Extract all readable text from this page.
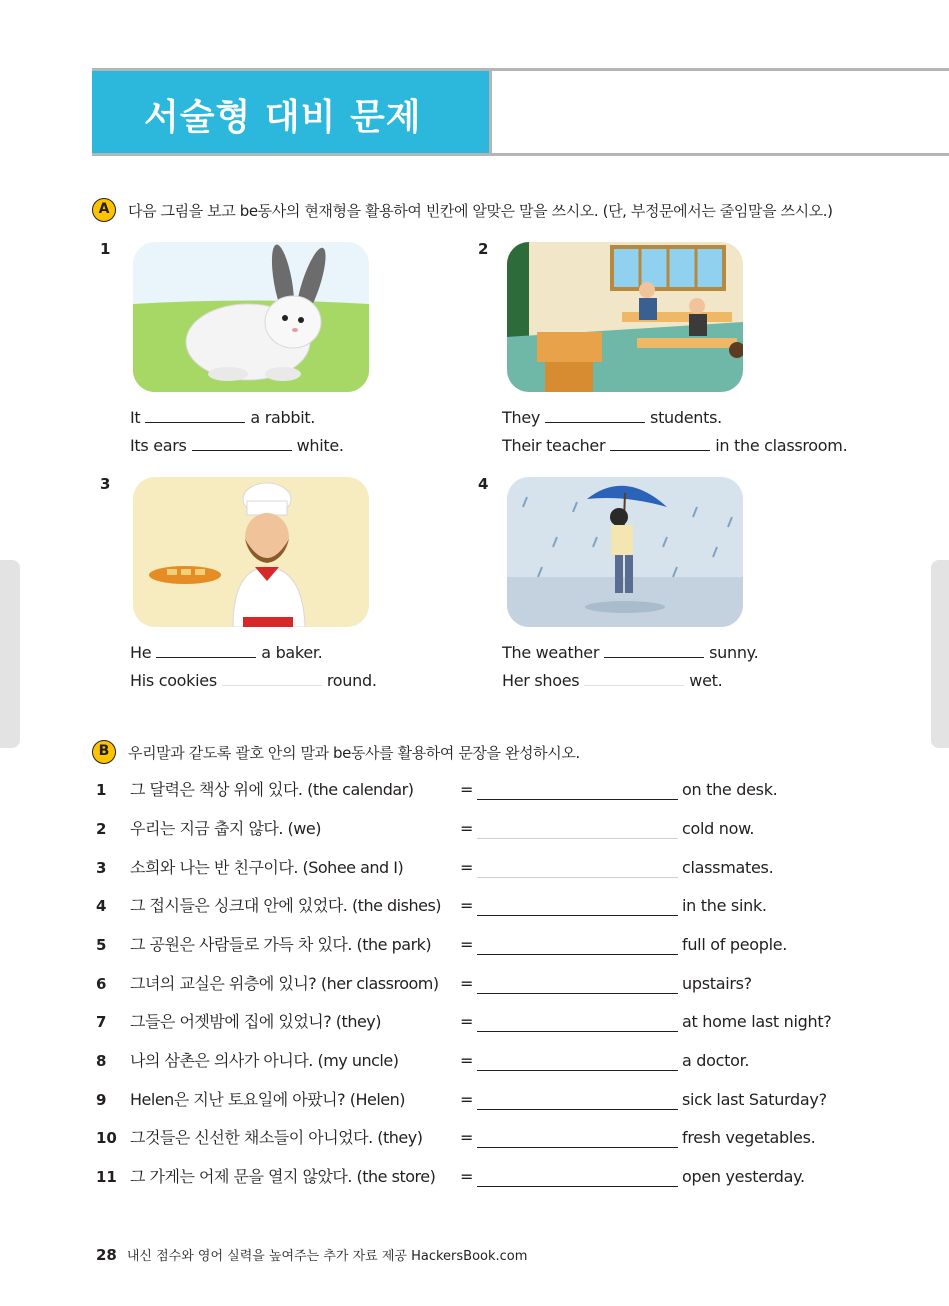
서술형 대비 문제
A	다음 그림을 보고 be동사의 현재형을 활용하여 빈칸에 알맞은 말을 쓰시오. (단, 부정문에서는 줄임말을 쓰시오.)
1
It	a rabbit.
Its ears	white.
2
They	students.
Their teacher	in the classroom.
3
He	a baker.
His cookies	round.
4
The weather	sunny.
Her shoes	wet.
B	우리말과 같도록 괄호 안의 말과 be동사를 활용하여 문장을 완성하시오.
1	그 달력은 책상 위에 있다. (the calendar)	=	on the desk.
2	우리는 지금 춥지 않다. (we)	=	cold now.
3	소희와 나는 반 친구이다. (Sohee and I)	=	classmates.
4	그 접시들은 싱크대 안에 있었다. (the dishes) =	in the sink.
5	그 공원은 사람들로 가득 차 있다. (the park) =	full of people.
6	그녀의 교실은 위층에 있니? (her classroom) =	upstairs?
7	그들은 어젯밤에 집에 있었니? (they)	=	at home last night?
8	나의 삼촌은 의사가 아니다. (my uncle)	=	a doctor.
9	Helen은 지난 토요일에 아팠니? (Helen)	=	sick last Saturday?
10 그것들은 신선한 채소들이 아니었다. (they) =	fresh vegetables.
11 그 가게는 어제 문을 열지 않았다. (the store) =	open yesterday.
28 내신 점수와 영어 실력을 높여주는 추가 자료 제공 HackersBook.com
